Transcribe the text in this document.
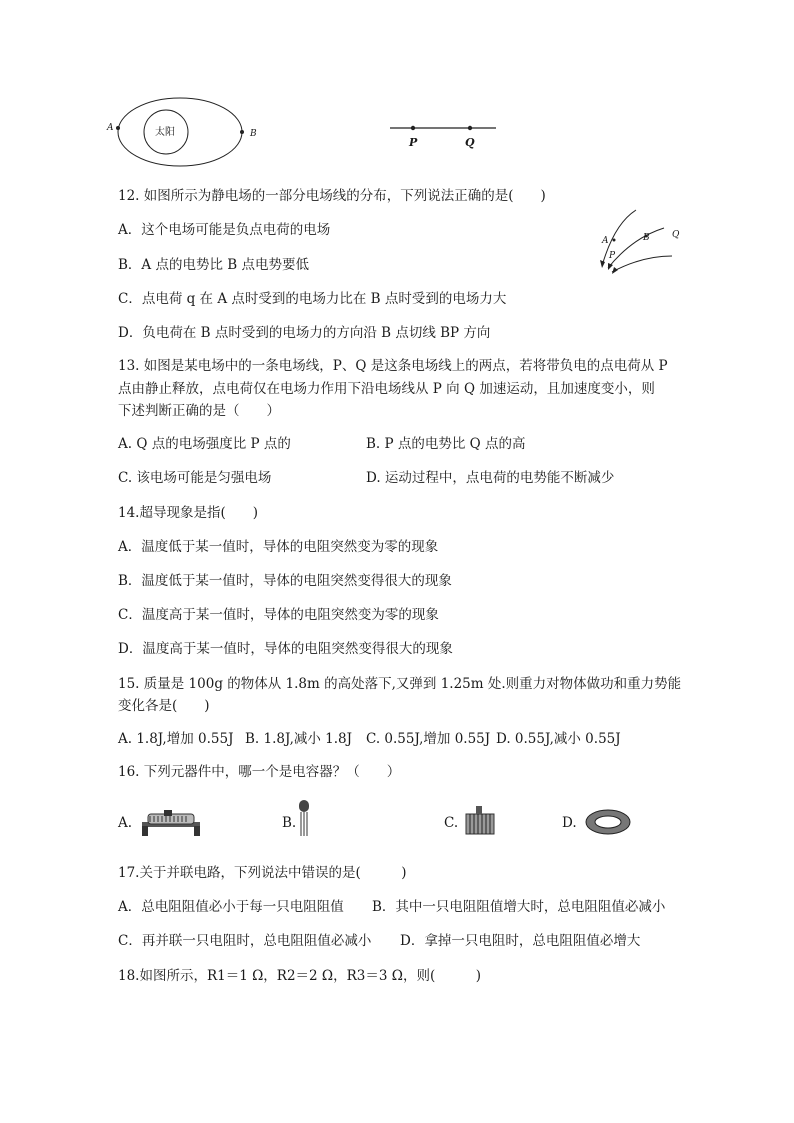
太阳
A
B
P	Q
12. 如图所示为静电场的一部分电场线的分布，下列说法正确的是(　　)
A．这个电场可能是负点电荷的电场
B．A 点的电势比 B 点电势要低
C．点电荷 q 在 A 点时受到的电场力比在 B 点时受到的电场力大
D．负电荷在 B 点时受到的电场力的方向沿 B 点切线 BP 方向
A	B
P
Q
13. 如图是某电场中的一条电场线，P、Q 是这条电场线上的两点，若将带负电的点电荷从 P
点由静止释放，点电荷仅在电场力作用下沿电场线从 P 向 Q 加速运动，且加速度变小，则
下述判断正确的是（　　）
A. Q 点的电场强度比 P 点的	B. P 点的电势比 Q 点的高
C. 该电场可能是匀强电场	D. 运动过程中，点电荷的电势能不断减少
14.超导现象是指(　　)
A．温度低于某一值时，导体的电阻突然变为零的现象
B．温度低于某一值时，导体的电阻突然变得很大的现象
C．温度高于某一值时，导体的电阻突然变为零的现象
D．温度高于某一值时，导体的电阻突然变得很大的现象
15. 质量是 100g 的物体从 1.8m 的高处落下,又弹到 1.25m 处.则重力对物体做功和重力势能
变化各是(　　)
A. 1.8J,增加 0.55J B. 1.8J,减小 1.8J C. 0.55J,增加 0.55J D. 0.55J,减小 0.55J
16. 下列元器件中，哪一个是电容器？（　　）
A.	B.	C.	D.
17.关于并联电路，下列说法中错误的是(　　　)
A．总电阻阻值必小于每一只电阻阻值 B．其中一只电阻阻值增大时，总电阻阻值必减小
C．再并联一只电阻时，总电阻阻值必减小 D．拿掉一只电阻时，总电阻阻值必增大
18.如图所示，R1＝1 Ω，R2＝2 Ω，R3＝3 Ω，则(　　　)
